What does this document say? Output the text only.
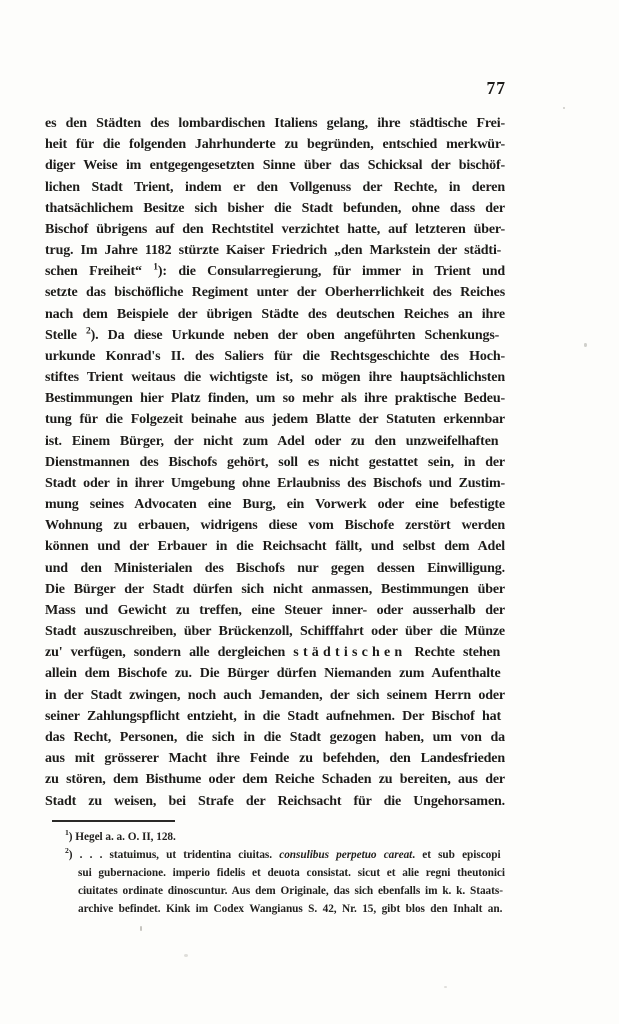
77
es den Städten des lombardischen Italiens gelang, ihre städtische Frei-
heit für die folgenden Jahrhunderte zu begründen, entschied merkwür-
diger Weise im entgegengesetzten Sinne über das Schicksal der bischöf-
lichen Stadt Trient, indem er den Vollgenuss der Rechte, in deren
thatsächlichem Besitze sich bisher die Stadt befunden, ohne dass der
Bischof übrigens auf den Rechtstitel verzichtet hatte, auf letzteren über-
trug. Im Jahre 1182 stürzte Kaiser Friedrich „den Markstein der städti-
schen Freiheit“ $^1$): die Consularregierung, für immer in Trient und
setzte das bischöfliche Regiment unter der Oberherrlichkeit des Reiches
nach dem Beispiele der übrigen Städte des deutschen Reiches an ihre
Stelle $^2$). Da diese Urkunde neben der oben angeführten Schenkungs-
urkunde Konrad's II. des Saliers für die Rechtsgeschichte des Hoch-
stiftes Trient weitaus die wichtigste ist, so mögen ihre hauptsächlichsten
Bestimmungen hier Platz finden, um so mehr als ihre praktische Bedeu-
tung für die Folgezeit beinahe aus jedem Blatte der Statuten erkennbar
ist. Einem Bürger, der nicht zum Adel oder zu den unzweifelhaften
Dienstmannen des Bischofs gehört, soll es nicht gestattet sein, in der
Stadt oder in ihrer Umgebung ohne Erlaubniss des Bischofs und Zustim-
mung seines Advocaten eine Burg, ein Vorwerk oder eine befestigte
Wohnung zu erbauen, widrigens diese vom Bischofe zerstört werden
können und der Erbauer in die Reichsacht fällt, und selbst dem Adel
und den Ministerialen des Bischofs nur gegen dessen Einwilligung.
Die Bürger der Stadt dürfen sich nicht anmassen, Bestimmungen über
Mass und Gewicht zu treffen, eine Steuer inner- oder ausserhalb der
Stadt auszuschreiben, über Brückenzoll, Schifffahrt oder über die Münze
zu' verfügen, sondern alle dergleichen städtischen Rechte stehen
allein dem Bischofe zu. Die Bürger dürfen Niemanden zum Aufenthalte
in der Stadt zwingen, noch auch Jemanden, der sich seinem Herrn oder
seiner Zahlungspflicht entzieht, in die Stadt aufnehmen. Der Bischof hat
das Recht, Personen, die sich in die Stadt gezogen haben, um von da
aus mit grösserer Macht ihre Feinde zu befehden, den Landesfrieden
zu stören, dem Bisthume oder dem Reiche Schaden zu bereiten, aus der
Stadt zu weisen, bei Strafe der Reichsacht für die Ungehorsamen.
$^1$) Hegel a. a. O. II, 128.
$^2$) . . . statuimus, ut tridentina ciuitas. consulibus perpetuo careat. et sub episcopi
sui gubernacione. imperio fidelis et deuota consistat. sicut et alie regni theutonici
ciuitates ordinate dinoscuntur. Aus dem Originale, das sich ebenfalls im k. k. Staats-
archive befindet. Kink im Codex Wangianus S. 42, Nr. 15, gibt blos den Inhalt an.
